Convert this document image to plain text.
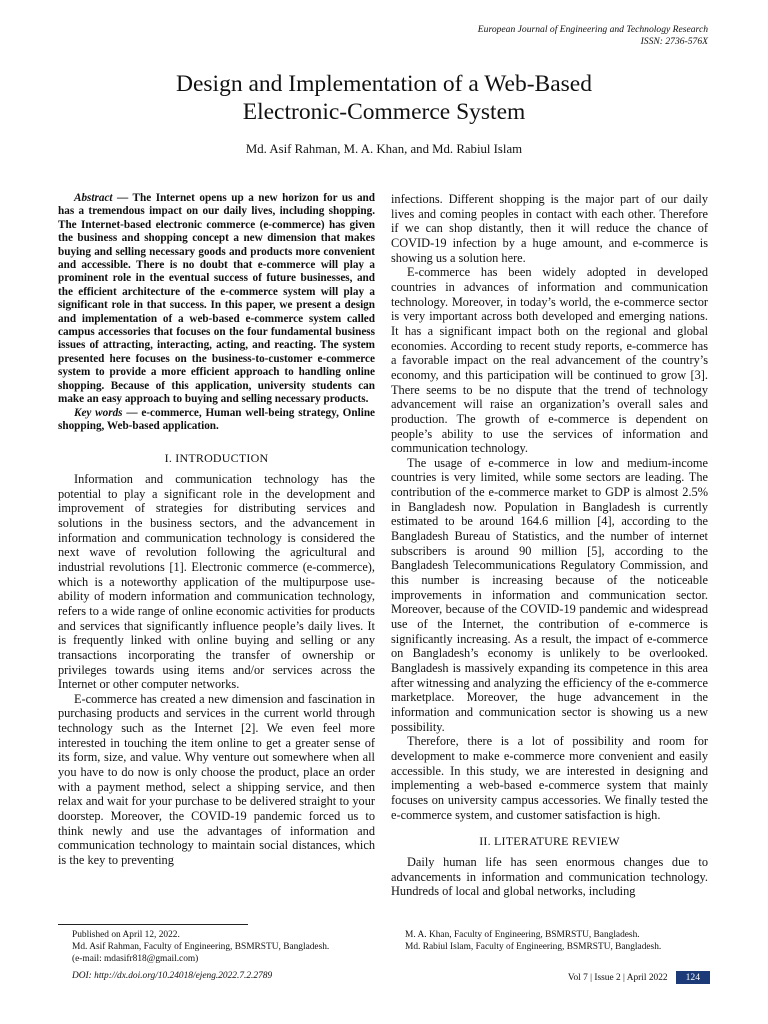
European Journal of Engineering and Technology Research
ISSN: 2736-576X
Design and Implementation of a Web-Based
Electronic-Commerce System
Md. Asif Rahman, M. A. Khan, and Md. Rabiul Islam

Abstract — The Internet opens up a new horizon for us and has a tremendous impact on our daily lives, including shopping. The Internet-based electronic commerce (e-commerce) has given the business and shopping concept a new dimension that makes buying and selling necessary goods and products more convenient and accessible. There is no doubt that e-commerce will play a prominent role in the eventual success of future businesses, and the efficient architecture of the e-commerce system will play a significant role in that success. In this paper, we present a design and implementation of a web-based e-commerce system called campus accessories that focuses on the four fundamental business issues of attracting, interacting, acting, and reacting. The system presented here focuses on the business-to-customer e-commerce system to provide a more efficient approach to handling online shopping. Because of this application, university students can make an easy approach to buying and selling necessary products.

Key words — e-commerce, Human well-being strategy, Online shopping, Web-based application.

I. INTRODUCTION

Information and communication technology has the potential to play a significant role in the development and improvement of strategies for distributing services and solutions in the business sectors, and the advancement in information and communication technology is considered the next wave of revolution following the agricultural and industrial revolutions [1]. Electronic commerce (e-commerce), which is a noteworthy application of the multipurpose use-ability of modern information and communication technology, refers to a wide range of online economic activities for products and services that significantly influence people’s daily lives. It is frequently linked with online buying and selling or any transactions incorporating the transfer of ownership or privileges towards using items and/or services across the Internet or other computer networks.

E-commerce has created a new dimension and fascination in purchasing products and services in the current world through technology such as the Internet [2]. We even feel more interested in touching the item online to get a greater sense of its form, size, and value. Why venture out somewhere when all you have to do now is only choose the product, place an order with a payment method, select a shipping service, and then relax and wait for your purchase to be delivered straight to your doorstep. Moreover, the COVID-19 pandemic forced us to think newly and use the advantages of information and communication technology to maintain social distances, which is the key to preventing

infections. Different shopping is the major part of our daily lives and coming peoples in contact with each other. Therefore if we can shop distantly, then it will reduce the chance of COVID-19 infection by a huge amount, and e-commerce is showing us a solution here.

E-commerce has been widely adopted in developed countries in advances of information and communication technology. Moreover, in today’s world, the e-commerce sector is very important across both developed and emerging nations. It has a significant impact both on the regional and global economies. According to recent study reports, e-commerce has a favorable impact on the real advancement of the country’s economy, and this participation will be continued to grow [3]. There seems to be no dispute that the trend of technology advancement will raise an organization’s overall sales and production. The growth of e-commerce is dependent on people’s ability to use the services of information and communication technology.

The usage of e-commerce in low and medium-income countries is very limited, while some sectors are leading. The contribution of the e-commerce market to GDP is almost 2.5% in Bangladesh now. Population in Bangladesh is currently estimated to be around 164.6 million [4], according to the Bangladesh Bureau of Statistics, and the number of internet subscribers is around 90 million [5], according to the Bangladesh Telecommunications Regulatory Commission, and this number is increasing because of the noticeable improvements in information and communication sector. Moreover, because of the COVID-19 pandemic and widespread use of the Internet, the contribution of e-commerce is significantly increasing. As a result, the impact of e-commerce on Bangladesh’s economy is unlikely to be overlooked. Bangladesh is massively expanding its competence in this area after witnessing and analyzing the efficiency of the e-commerce marketplace. Moreover, the huge advancement in the information and communication sector is showing us a new possibility.

Therefore, there is a lot of possibility and room for development to make e-commerce more convenient and easily accessible. In this study, we are interested in designing and implementing a web-based e-commerce system that mainly focuses on university campus accessories. We finally tested the e-commerce system, and customer satisfaction is high.

II. LITERATURE REVIEW

Daily human life has seen enormous changes due to advancements in information and communication technology. Hundreds of local and global networks, including

Published on April 12, 2022.
Md. Asif Rahman, Faculty of Engineering, BSMRSTU, Bangladesh.
(e-mail: mdasifr818@gmail.com)
M. A. Khan, Faculty of Engineering, BSMRSTU, Bangladesh.
Md. Rabiul Islam, Faculty of Engineering, BSMRSTU, Bangladesh.
DOI: http://dx.doi.org/10.24018/ejeng.2022.7.2.2789	Vol 7 | Issue 2 | April 2022	124
